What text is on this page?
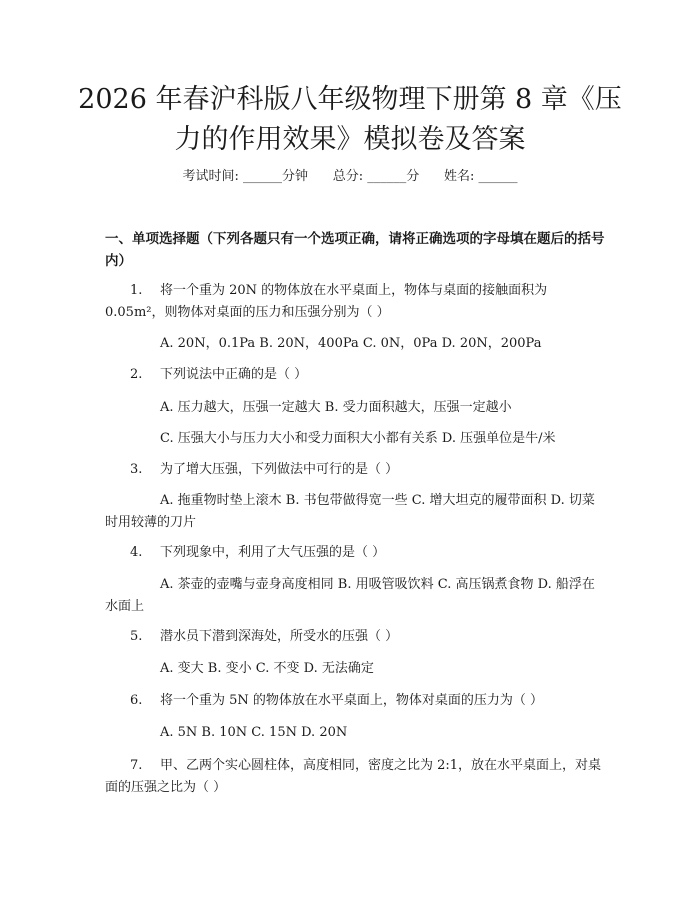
2026 年春沪科版八年级物理下册第 8 章《压
力的作用效果》模拟卷及答案
考试时间: ______分钟      总分: ______分      姓名: ______
一、单项选择题（下列各题只有一个选项正确，请将正确选项的字母填在题后的括号内）
1. 将一个重为 20N 的物体放在水平桌面上，物体与桌面的接触面积为 0.05m²，则物体对桌面的压力和压强分别为（ ）
A. 20N，0.1Pa B. 20N，400Pa C. 0N，0Pa D. 20N，200Pa
2. 下列说法中正确的是（ ）
A. 压力越大，压强一定越大 B. 受力面积越大，压强一定越小
C. 压强大小与压力大小和受力面积大小都有关系 D. 压强单位是牛/米
3. 为了增大压强，下列做法中可行的是（ ）
A. 拖重物时垫上滚木 B. 书包带做得宽一些 C. 增大坦克的履带面积 D. 切菜时用较薄的刀片
4. 下列现象中，利用了大气压强的是（ ）
A. 茶壶的壶嘴与壶身高度相同 B. 用吸管吸饮料 C. 高压锅煮食物 D. 船浮在水面上
5. 潜水员下潜到深海处，所受水的压强（ ）
A. 变大 B. 变小 C. 不变 D. 无法确定
6. 将一个重为 5N 的物体放在水平桌面上，物体对桌面的压力为（ ）
A. 5N B. 10N C. 15N D. 20N
7. 甲、乙两个实心圆柱体，高度相同，密度之比为 2:1，放在水平桌面上，对桌面的压强之比为（ ）
